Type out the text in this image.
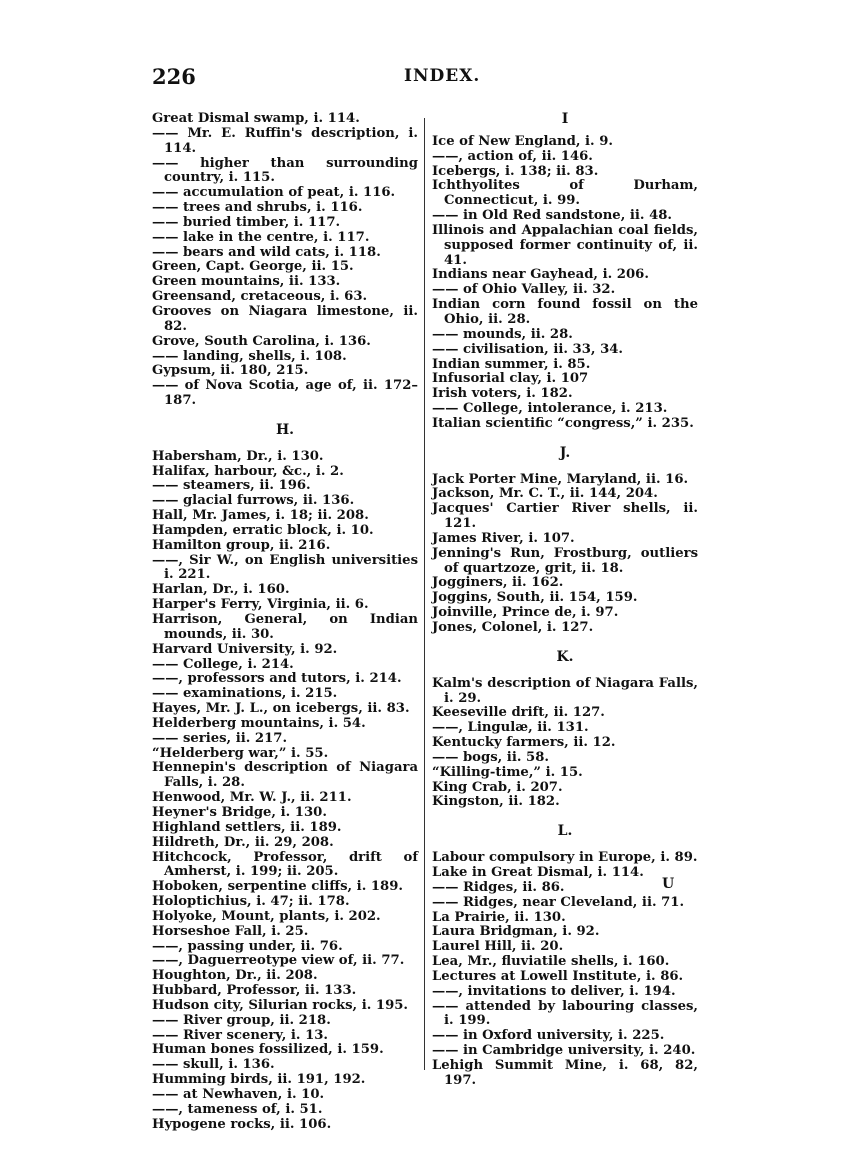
226	INDEX.
Great Dismal swamp, i. 114.
—— Mr. E. Ruffin's description, i. 114.
—— higher than surrounding country, i. 115.
—— accumulation of peat, i. 116.
—— trees and shrubs, i. 116.
—— buried timber, i. 117.
—— lake in the centre, i. 117.
—— bears and wild cats, i. 118.
Green, Capt. George, ii. 15.
Green mountains, ii. 133.
Greensand, cretaceous, i. 63.
Grooves on Niagara limestone, ii. 82.
Grove, South Carolina, i. 136.
—— landing, shells, i. 108.
Gypsum, ii. 180, 215.
—— of Nova Scotia, age of, ii. 172–187.
H.
Habersham, Dr., i. 130.
Halifax, harbour, &c., i. 2.
—— steamers, ii. 196.
—— glacial furrows, ii. 136.
Hall, Mr. James, i. 18; ii. 208.
Hampden, erratic block, i. 10.
Hamilton group, ii. 216.
——, Sir W., on English universities i. 221.
Harlan, Dr., i. 160.
Harper's Ferry, Virginia, ii. 6.
Harrison, General, on Indian mounds, ii. 30.
Harvard University, i. 92.
—— College, i. 214.
——, professors and tutors, i. 214.
—— examinations, i. 215.
Hayes, Mr. J. L., on icebergs, ii. 83.
Helderberg mountains, i. 54.
—— series, ii. 217.
“Helderberg war,” i. 55.
Hennepin's description of Niagara Falls, i. 28.
Henwood, Mr. W. J., ii. 211.
Heyner's Bridge, i. 130.
Highland settlers, ii. 189.
Hildreth, Dr., ii. 29, 208.
Hitchcock, Professor, drift of Amherst, i. 199; ii. 205.
Hoboken, serpentine cliffs, i. 189.
Holoptichius, i. 47; ii. 178.
Holyoke, Mount, plants, i. 202.
Horseshoe Fall, i. 25.
——, passing under, ii. 76.
——, Daguerreotype view of, ii. 77.
Houghton, Dr., ii. 208.
Hubbard, Professor, ii. 133.
Hudson city, Silurian rocks, i. 195.
—— River group, ii. 218.
—— River scenery, i. 13.
Human bones fossilized, i. 159.
—— skull, i. 136.
Humming birds, ii. 191, 192.
—— at Newhaven, i. 10.
——, tameness of, i. 51.
Hypogene rocks, ii. 106.
I
Ice of New England, i. 9.
——, action of, ii. 146.
Icebergs, i. 138; ii. 83.
Ichthyolites of Durham, Connecticut, i. 99.
—— in Old Red sandstone, ii. 48.
Illinois and Appalachian coal fields, supposed former continuity of, ii. 41.
Indians near Gayhead, i. 206.
—— of Ohio Valley, ii. 32.
Indian corn found fossil on the Ohio, ii. 28.
—— mounds, ii. 28.
—— civilisation, ii. 33, 34.
Indian summer, i. 85.
Infusorial clay, i. 107
Irish voters, i. 182.
—— College, intolerance, i. 213.
Italian scientific “congress,” i. 235.
J.
Jack Porter Mine, Maryland, ii. 16.
Jackson, Mr. C. T., ii. 144, 204.
Jacques' Cartier River shells, ii. 121.
James River, i. 107.
Jenning's Run, Frostburg, outliers of quartzoze, grit, ii. 18.
Jogginers, ii. 162.
Joggins, South, ii. 154, 159.
Joinville, Prince de, i. 97.
Jones, Colonel, i. 127.
K.
Kalm's description of Niagara Falls, i. 29.
Keeseville drift, ii. 127.
——, Lingulæ, ii. 131.
Kentucky farmers, ii. 12.
—— bogs, ii. 58.
“Killing-time,” i. 15.
King Crab, i. 207.
Kingston, ii. 182.
L.
Labour compulsory in Europe, i. 89.
Lake in Great Dismal, i. 114.
—— Ridges, ii. 86.
—— Ridges, near Cleveland, ii. 71.
La Prairie, ii. 130.
Laura Bridgman, i. 92.
Laurel Hill, ii. 20.
Lea, Mr., fluviatile shells, i. 160.
Lectures at Lowell Institute, i. 86.
——, invitations to deliver, i. 194.
—— attended by labouring classes, i. 199.
—— in Oxford university, i. 225.
—— in Cambridge university, i. 240.
Lehigh Summit Mine, i. 68, 82, 197.
U
